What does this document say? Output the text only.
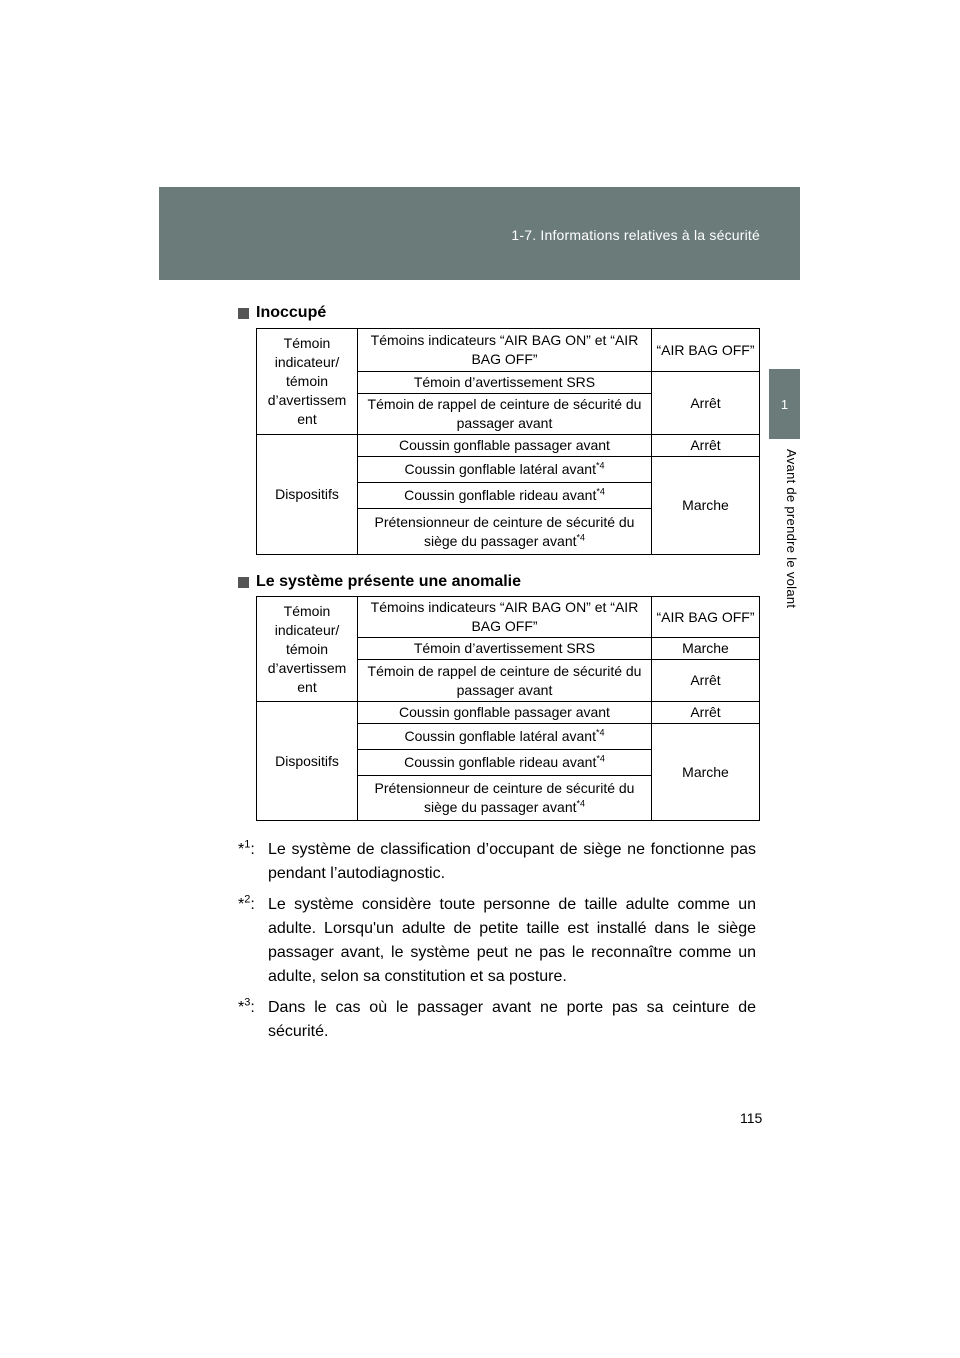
1-7. Informations relatives à la sécurité
1
Avant de prendre le volant
Inoccupé
Témoin indicateur/ témoin d’avertissem ent	Témoins indicateurs “AIR BAG ON” et “AIR BAG OFF”	“AIR BAG OFF”
	Témoin d’avertissement SRS	Arrêt
	Témoin de rappel de ceinture de sécurité du passager avant	
Dispositifs	Coussin gonflable passager avant	Arrêt
	Coussin gonflable latéral avant$^{*4}$	Marche
	Coussin gonflable rideau avant$^{*4}$
	Prétensionneur de ceinture de sécurité du siège du passager avant$^{*4}$
Le système présente une anomalie
Témoin indicateur/ témoin d’avertissem ent	Témoins indicateurs “AIR BAG ON” et “AIR BAG OFF”	“AIR BAG OFF”
	Témoin d’avertissement SRS	Marche
	Témoin de rappel de ceinture de sécurité du passager avant	Arrêt
Dispositifs	Coussin gonflable passager avant	Arrêt
	Coussin gonflable latéral avant$^{*4}$	Marche
	Coussin gonflable rideau avant$^{*4}$
	Prétensionneur de ceinture de sécurité du siège du passager avant$^{*4}$
*$^1$: Le système de classification d’occupant de siège ne fonctionne pas pendant l’autodiagnostic.
*$^2$: Le système considère toute personne de taille adulte comme un adulte. Lorsqu'un adulte de petite taille est installé dans le siège passager avant, le système peut ne pas le reconnaître comme un adulte, selon sa constitution et sa posture.
*$^3$: Dans le cas où le passager avant ne porte pas sa ceinture de sécurité.
115
